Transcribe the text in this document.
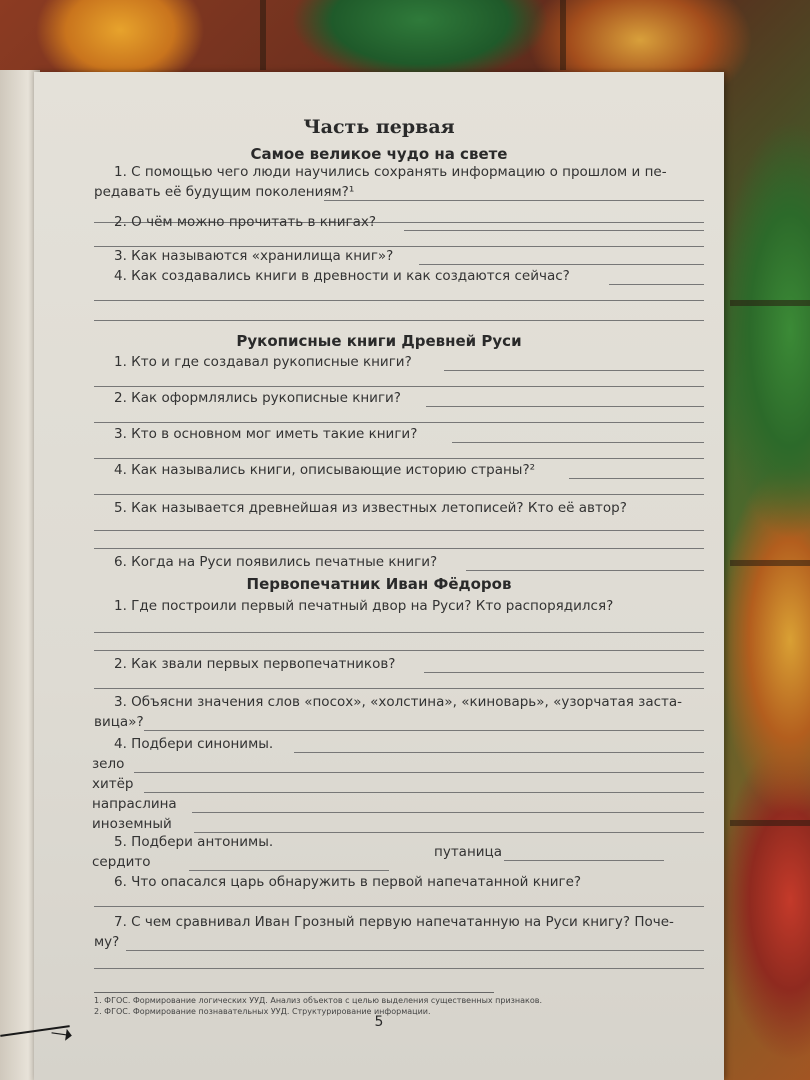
Часть первая
Самое великое чудо на свете
1. С помощью чего люди научились сохранять информацию о прошлом и пе-
редавать её будущим поколениям?¹
2. О чём можно прочитать в книгах?
3. Как называются «хранилища книг»?
4. Как создавались книги в древности и как создаются сейчас?
Рукописные книги Древней Руси
1. Кто и где создавал рукописные книги?
2. Как оформлялись рукописные книги?
3. Кто в основном мог иметь такие книги?
4. Как назывались книги, описывающие историю страны?²
5. Как называется древнейшая из известных летописей? Кто её автор?
6. Когда на Руси появились печатные книги?
Первопечатник Иван Фёдоров
1. Где построили первый печатный двор на Руси? Кто распорядился?
2. Как звали первых первопечатников?
3. Объясни значения слов «посох», «холстина», «киноварь», «узорчатая заста-
вица»?
4. Подбери синонимы.
зело
хитёр
напраслина
иноземный
5. Подбери антонимы.
сердито
путаница
6. Что опасался царь обнаружить в первой напечатанной книге?
7. С чем сравнивал Иван Грозный первую напечатанную на Руси книгу? Поче-
му?
1. ФГОС. Формирование логических УУД. Анализ объектов с целью выделения существенных признаков.
2. ФГОС. Формирование познавательных УУД. Структурирование информации.
5
➝
